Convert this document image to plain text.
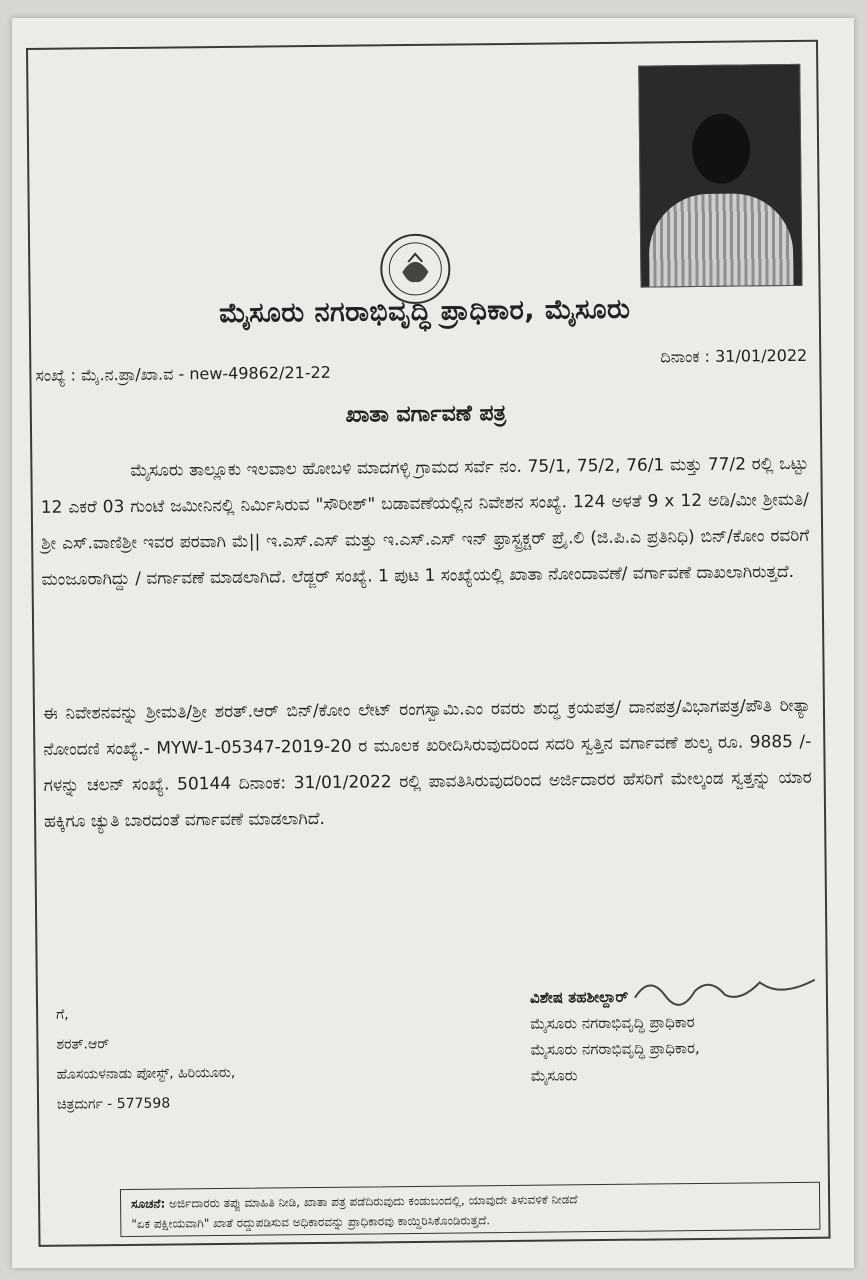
ಮೈಸೂರು ನಗರಾಭಿವೃದ್ಧಿ ಪ್ರಾಧಿಕಾರ, ಮೈಸೂರು
ಸಂಖ್ಯೆ : ಮೈ.ನ.ಪ್ರಾ/ಖಾ.ವ - new-49862/21-22
ದಿನಾಂಕ : 31/01/2022
ಖಾತಾ ವರ್ಗಾವಣೆ ಪತ್ರ
ಮೈಸೂರು ತಾಲ್ಲೂಕು ಇಲವಾಲ ಹೋಬಳಿ ಮಾದಗಳ್ಳಿ ಗ್ರಾಮದ ಸರ್ವೆ ನಂ. 75/1, 75/2, 76/1 ಮತ್ತು 77/2 ರಲ್ಲಿ ಒಟ್ಟು 12 ಎಕರೆ 03 ಗುಂಟೆ ಜಮೀನಿನಲ್ಲಿ ನಿರ್ಮಿಸಿರುವ "ಸೌರೀಶ್" ಬಡಾವಣೆಯಲ್ಲಿನ ನಿವೇಶನ ಸಂಖ್ಯೆ. 124 ಅಳತೆ 9 x 12 ಅಡಿ/ಮೀ ಶ್ರೀಮತಿ/ಶ್ರೀ ಎಸ್.ವಾಣಿಶ್ರೀ ಇವರ ಪರವಾಗಿ ಮೆ|| ಇ.ಎಸ್.ಎಸ್ ಮತ್ತು ಇ.ಎಸ್.ಎಸ್ ಇನ್ ಫ್ರಾಸ್ಟ್ರಕ್ಚರ್ ಪ್ರೈ.ಲಿ (ಜಿ.ಪಿ.ಎ ಪ್ರತಿನಿಧಿ) ಬಿನ್/ಕೋಂ ರವರಿಗೆ ಮಂಜೂರಾಗಿದ್ದು / ವರ್ಗಾವಣೆ ಮಾಡಲಾಗಿದೆ. ಲೆಡ್ಜರ್ ಸಂಖ್ಯೆ. 1 ಪುಟ 1 ಸಂಖ್ಯೆಯಲ್ಲಿ ಖಾತಾ ನೋಂದಾವಣೆ/ ವರ್ಗಾವಣೆ ದಾಖಲಾಗಿರುತ್ತದೆ.
ಈ ನಿವೇಶನವನ್ನು ಶ್ರೀಮತಿ/ಶ್ರೀ ಶರತ್.ಆರ್ ಬಿನ್/ಕೋಂ ಲೇಟ್ ರಂಗಸ್ವಾಮಿ.ಎಂ ರವರು ಶುದ್ಧ ಕ್ರಯಪತ್ರ/ ದಾನಪತ್ರ/ವಿಭಾಗಪತ್ರ/ಪೌತಿ ರೀತ್ಯಾ ನೋಂದಣಿ ಸಂಖ್ಯೆ.- MYW-1-05347-2019-20 ರ ಮೂಲಕ ಖರೀದಿಸಿರುವುದರಿಂದ ಸದರಿ ಸ್ವತ್ತಿನ ವರ್ಗಾವಣೆ ಶುಲ್ಕ ರೂ. 9885 /- ಗಳನ್ನು ಚಲನ್ ಸಂಖ್ಯೆ. 50144 ದಿನಾಂಕ: 31/01/2022 ರಲ್ಲಿ ಪಾವತಿಸಿರುವುದರಿಂದ ಅರ್ಜಿದಾರರ ಹೆಸರಿಗೆ ಮೇಲ್ಕಂಡ ಸ್ವತ್ತನ್ನು ಯಾರ ಹಕ್ಕಿಗೂ ಚ್ಯುತಿ ಬಾರದಂತೆ ವರ್ಗಾವಣೆ ಮಾಡಲಾಗಿದೆ.
ಗೆ,
ಶರತ್.ಆರ್
ಹೊಸಯಳನಾಡು ಪೋಸ್ಟ್, ಹಿರಿಯೂರು,
ಚಿತ್ರದುರ್ಗ - 577598
ವಿಶೇಷ ತಹಶೀಲ್ದಾರ್
ಮೈಸೂರು ನಗರಾಭಿವೃದ್ಧಿ ಪ್ರಾಧಿಕಾರ
ಮೈಸೂರು ನಗರಾಭಿವೃದ್ಧಿ ಪ್ರಾಧಿಕಾರ,
ಮೈಸೂರು
ಸೂಚನೆ: ಅರ್ಜಿದಾರರು ತಪ್ಪು ಮಾಹಿತಿ ನೀಡಿ, ಖಾತಾ ಪತ್ರ ಪಡೆದಿರುವುದು ಕಂಡುಬಂದಲ್ಲಿ, ಯಾವುದೇ ತಿಳುವಳಿಕೆ ನೀಡದೆ
"ಏಕ ಪಕ್ಷೀಯವಾಗಿ" ಖಾತೆ ರದ್ದುಪಡಿಸುವ ಅಧಿಕಾರವನ್ನು ಪ್ರಾಧಿಕಾರವು ಕಾಯ್ದಿರಿಸಿಕೊಂಡಿರುತ್ತದೆ.
